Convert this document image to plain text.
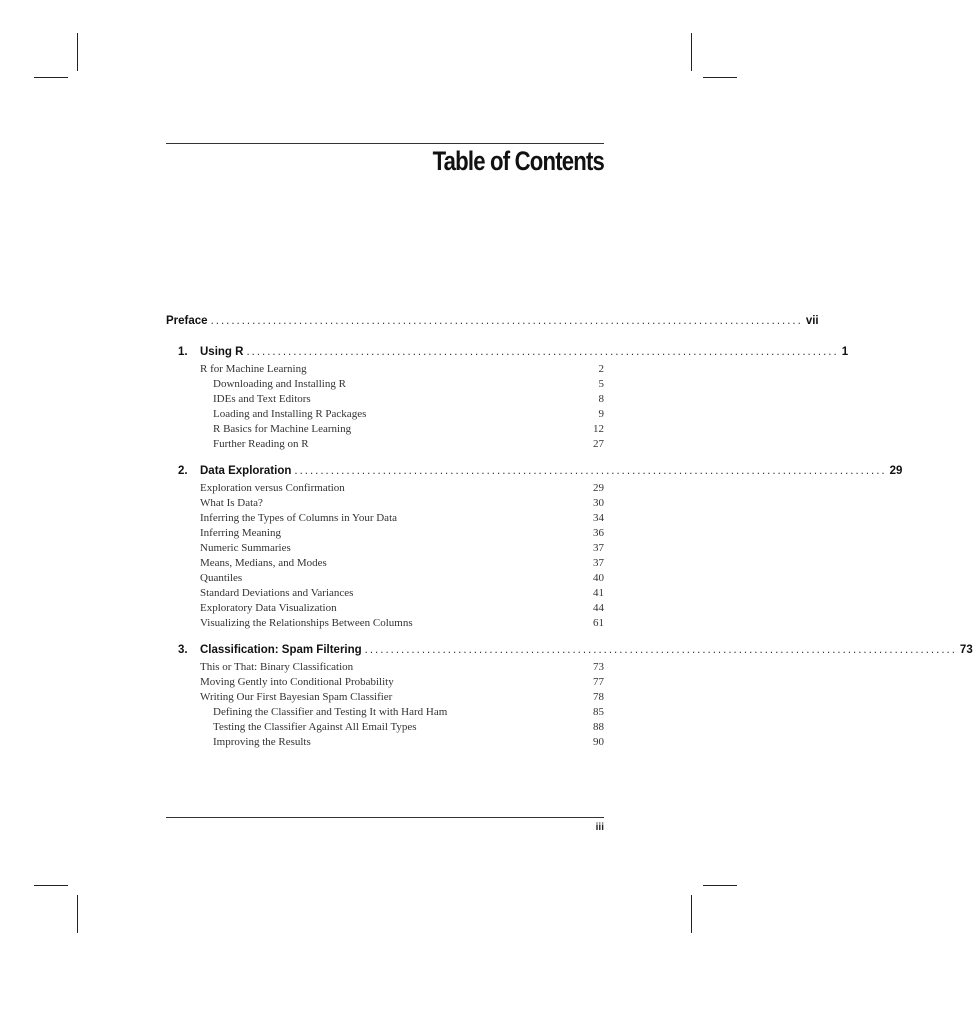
Table of Contents
Preface .................................................................................................................. vii
1. Using R .................................................................................................................. 1
R for Machine Learning	2
Downloading and Installing R	5
IDEs and Text Editors	8
Loading and Installing R Packages	9
R Basics for Machine Learning	12
Further Reading on R	27
2. Data Exploration .................................................................................................................. 29
Exploration versus Confirmation	29
What Is Data?	30
Inferring the Types of Columns in Your Data	34
Inferring Meaning	36
Numeric Summaries	37
Means, Medians, and Modes	37
Quantiles	40
Standard Deviations and Variances	41
Exploratory Data Visualization	44
Visualizing the Relationships Between Columns	61
3. Classification: Spam Filtering .................................................................................................................. 73
This or That: Binary Classification	73
Moving Gently into Conditional Probability	77
Writing Our First Bayesian Spam Classifier	78
Defining the Classifier and Testing It with Hard Ham	85
Testing the Classifier Against All Email Types	88
Improving the Results	90
iii
